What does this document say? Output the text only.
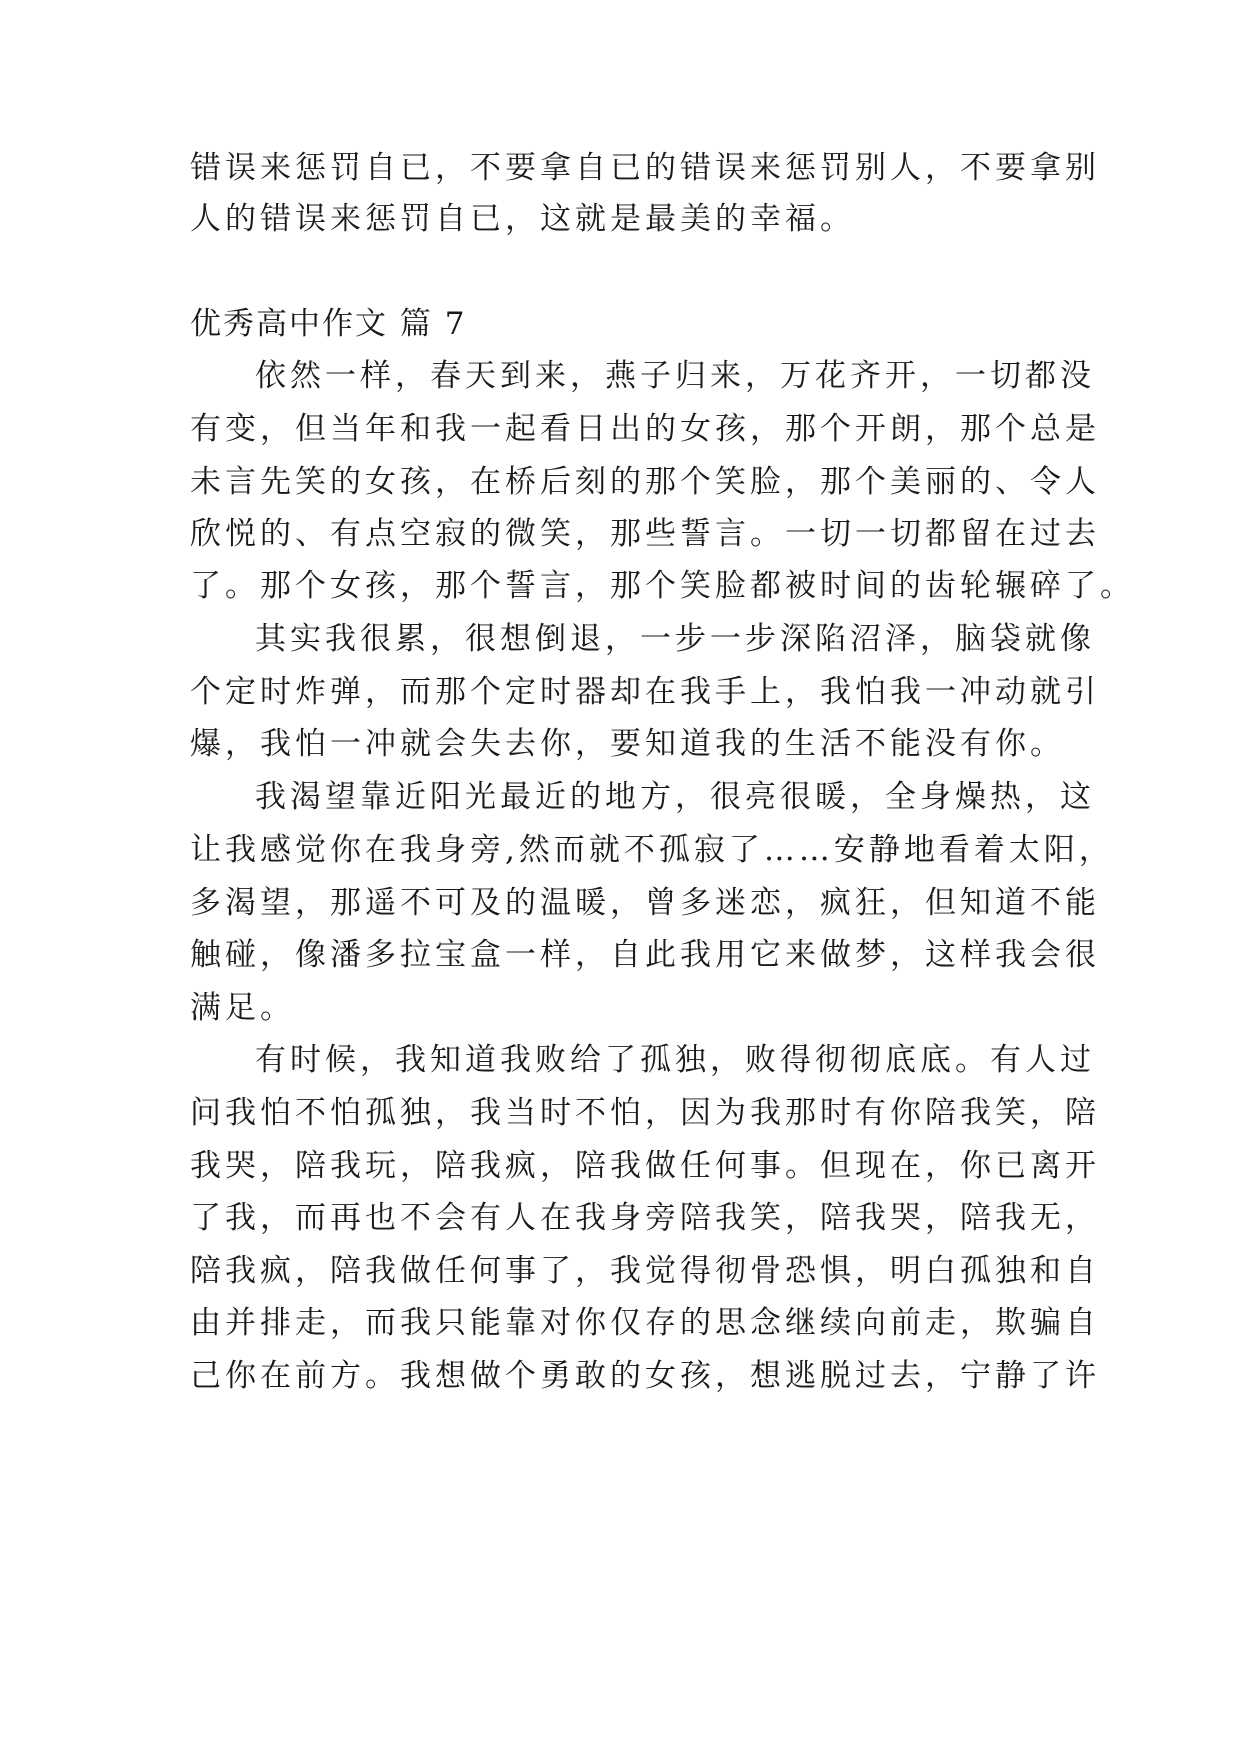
错误来惩罚自已，不要拿自已的错误来惩罚别人，不要拿别
人的错误来惩罚自已，这就是最美的幸福。
优秀高中作文 篇 7
依然一样，春天到来，燕子归来，万花齐开，一切都没
有变，但当年和我一起看日出的女孩，那个开朗，那个总是
未言先笑的女孩，在桥后刻的那个笑脸，那个美丽的、令人
欣悦的、有点空寂的微笑，那些誓言。一切一切都留在过去
了。那个女孩，那个誓言，那个笑脸都被时间的齿轮辗碎了。
其实我很累，很想倒退，一步一步深陷沼泽，脑袋就像
个定时炸弹，而那个定时器却在我手上，我怕我一冲动就引
爆，我怕一冲就会失去你，要知道我的生活不能没有你。
我渴望靠近阳光最近的地方，很亮很暖，全身燥热，这
让我感觉你在我身旁,然而就不孤寂了……安静地看着太阳，
多渴望，那遥不可及的温暖，曾多迷恋，疯狂，但知道不能
触碰，像潘多拉宝盒一样，自此我用它来做梦，这样我会很
满足。
有时候，我知道我败给了孤独，败得彻彻底底。有人过
问我怕不怕孤独，我当时不怕，因为我那时有你陪我笑，陪
我哭，陪我玩，陪我疯，陪我做任何事。但现在，你已离开
了我，而再也不会有人在我身旁陪我笑，陪我哭，陪我无，
陪我疯，陪我做任何事了，我觉得彻骨恐惧，明白孤独和自
由并排走，而我只能靠对你仅存的思念继续向前走，欺骗自
己你在前方。我想做个勇敢的女孩，想逃脱过去，宁静了许
